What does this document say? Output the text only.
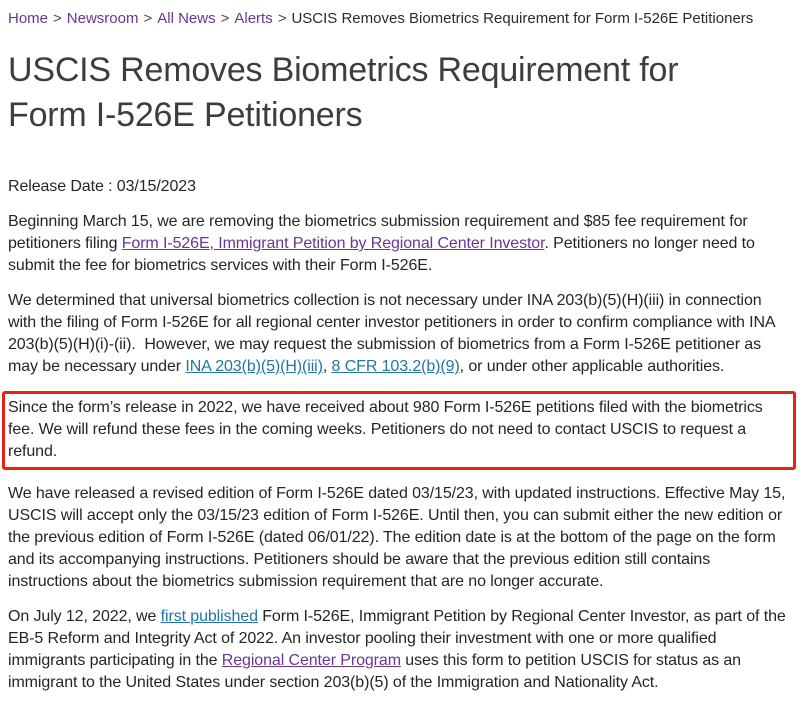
Home > Newsroom > All News > Alerts > USCIS Removes Biometrics Requirement for Form I-526E Petitioners
USCIS Removes Biometrics Requirement for Form I-526E Petitioners
Release Date : 03/15/2023

Beginning March 15, we are removing the biometrics submission requirement and $85 fee requirement for petitioners filing Form I-526E, Immigrant Petition by Regional Center Investor. Petitioners no longer need to submit the fee for biometrics services with their Form I-526E.

We determined that universal biometrics collection is not necessary under INA 203(b)(5)(H)(iii) in connection with the filing of Form I-526E for all regional center investor petitioners in order to confirm compliance with INA 203(b)(5)(H)(i)-(ii).  However, we may request the submission of biometrics from a Form I-526E petitioner as may be necessary under INA 203(b)(5)(H)(iii), 8 CFR 103.2(b)(9), or under other applicable authorities.

Since the form’s release in 2022, we have received about 980 Form I-526E petitions filed with the biometrics fee. We will refund these fees in the coming weeks. Petitioners do not need to contact USCIS to request a refund.

We have released a revised edition of Form I-526E dated 03/15/23, with updated instructions. Effective May 15, USCIS will accept only the 03/15/23 edition of Form I-526E. Until then, you can submit either the new edition or the previous edition of Form I-526E (dated 06/01/22). The edition date is at the bottom of the page on the form and its accompanying instructions. Petitioners should be aware that the previous edition still contains instructions about the biometrics submission requirement that are no longer accurate.

On July 12, 2022, we first published Form I-526E, Immigrant Petition by Regional Center Investor, as part of the EB-5 Reform and Integrity Act of 2022. An investor pooling their investment with one or more qualified immigrants participating in the Regional Center Program uses this form to petition USCIS for status as an immigrant to the United States under section 203(b)(5) of the Immigration and Nationality Act.
